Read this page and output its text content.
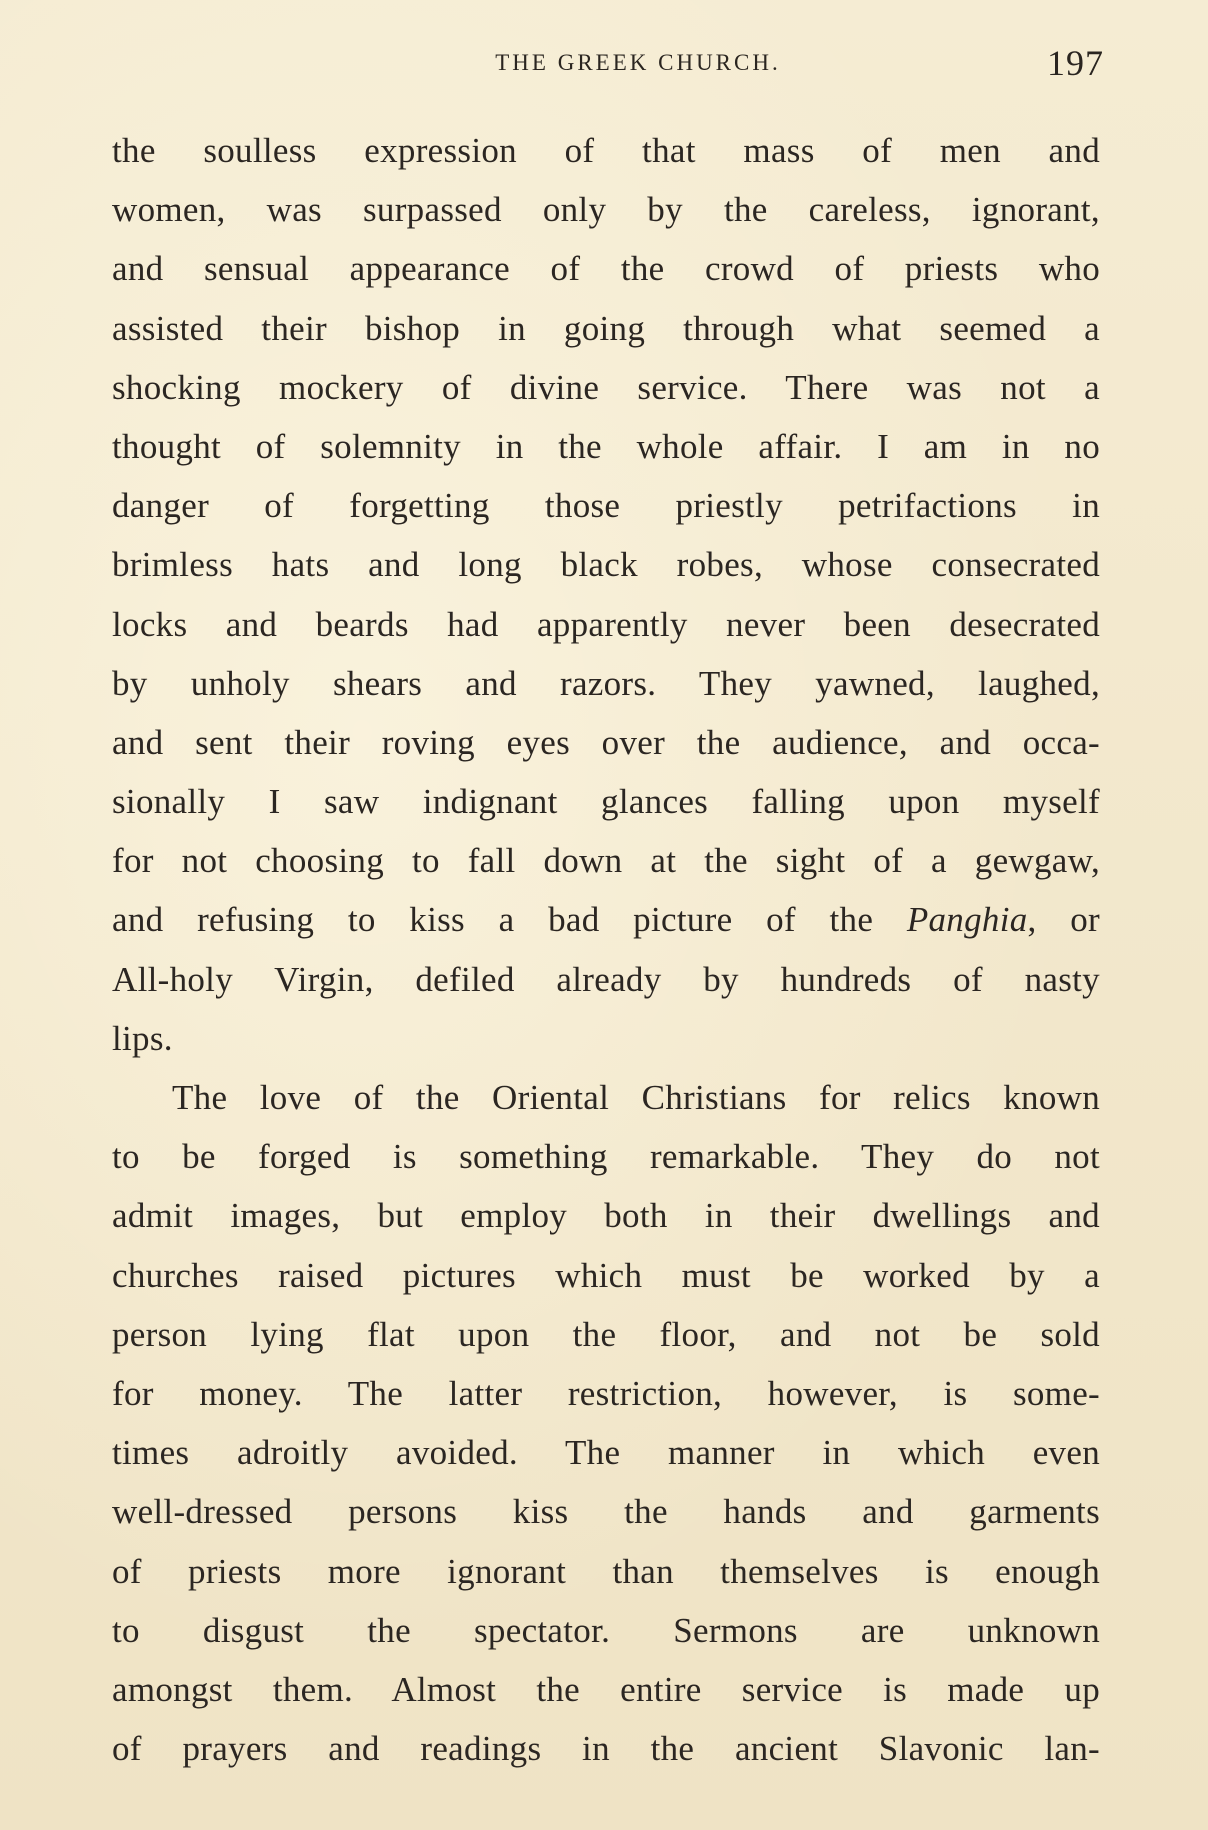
THE GREEK CHURCH.	197
the soulless expression of that mass of men and
women, was surpassed only by the careless, ignorant,
and sensual appearance of the crowd of priests who
assisted their bishop in going through what seemed a
shocking mockery of divine service. There was not a
thought of solemnity in the whole affair. I am in no
danger of forgetting those priestly petrifactions in
brimless hats and long black robes, whose consecrated
locks and beards had apparently never been desecrated
by unholy shears and razors. They yawned, laughed,
and sent their roving eyes over the audience, and occa-
sionally I saw indignant glances falling upon myself
for not choosing to fall down at the sight of a gewgaw,
and refusing to kiss a bad picture of the Panghia, or
All-holy Virgin, defiled already by hundreds of nasty
lips.
The love of the Oriental Christians for relics known
to be forged is something remarkable. They do not
admit images, but employ both in their dwellings and
churches raised pictures which must be worked by a
person lying flat upon the floor, and not be sold
for money. The latter restriction, however, is some-
times adroitly avoided. The manner in which even
well-dressed persons kiss the hands and garments
of priests more ignorant than themselves is enough
to disgust the spectator. Sermons are unknown
amongst them. Almost the entire service is made up
of prayers and readings in the ancient Slavonic lan-
